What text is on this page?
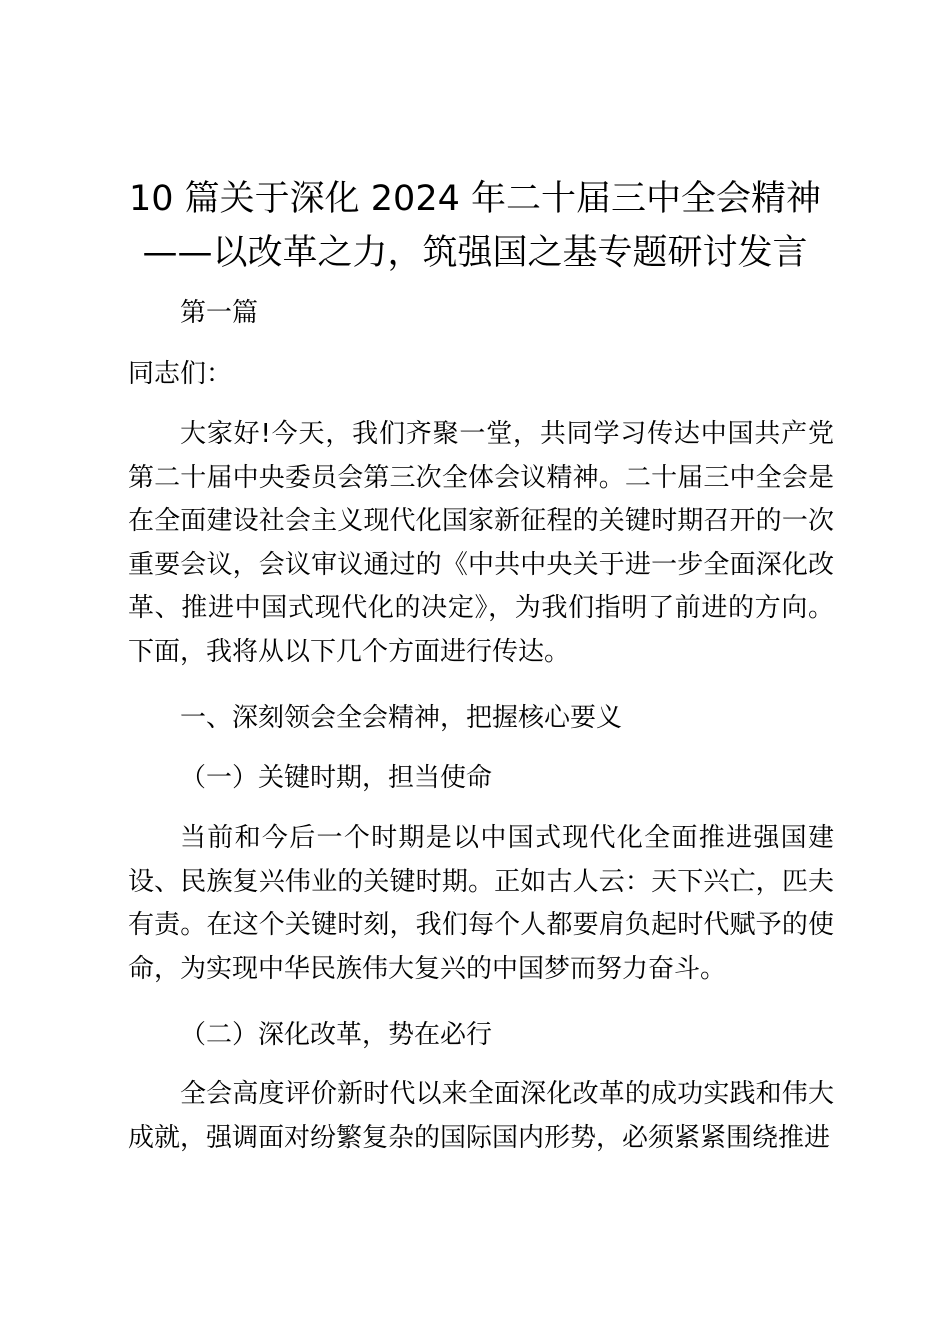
10 篇关于深化 2024 年二十届三中全会精神

——以改革之力，筑强国之基专题研讨发言

第一篇

同志们：

大家好!今天，我们齐聚一堂，共同学习传达中国共产党第二十届中央委员会第三次全体会议精神。二十届三中全会是在全面建设社会主义现代化国家新征程的关键时期召开的一次重要会议，会议审议通过的《中共中央关于进一步全面深化改革、推进中国式现代化的决定》，为我们指明了前进的方向。下面，我将从以下几个方面进行传达。

一、深刻领会全会精神，把握核心要义

（一）关键时期，担当使命

当前和今后一个时期是以中国式现代化全面推进强国建设、民族复兴伟业的关键时期。正如古人云：天下兴亡，匹夫有责。在这个关键时刻，我们每个人都要肩负起时代赋予的使命，为实现中华民族伟大复兴的中国梦而努力奋斗。

（二）深化改革，势在必行

全会高度评价新时代以来全面深化改革的成功实践和伟大成就，强调面对纷繁复杂的国际国内形势，必须紧紧围绕推进
